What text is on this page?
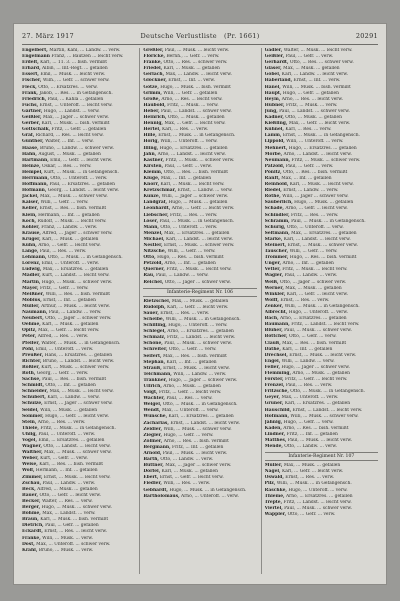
27. März 1917	Deutsche Verlustliste (Pr. 1661)	20291
Engelbert, Martin, Kahl, ... Landw. ... verw.
Engelmann Franz, ... Bautzen ... leicht verw.
Erdelt, Karl, ... 11. 3. ... bish. vermißt
Erhard, Albin, ... Inf.-Regt. ... gefallen
Essert, Emil, ... Musk. ... leicht verw.
Fischer, Wilh., ... Gefr. ... schwer verw.
Fleck, Otto, ... Ersatzres. ... verw.
Frank, Jakob, ... Res. ... in Gefangensch.
Friedrich, Paul, ... Kahla ... gefallen
Fuchs, Ernst, ... Unteroff. ... leicht verw.
Gärtner, Hugo, ... Landst. ... verw.
Geißler, Max, ... Jäger ... schwer verw.
Gerber, Karl, ... Musk. ... bish. vermißt
Gottschalk, Fritz, ... Gefr. ... gefallen
Gräf, Richard, ... Res. ... leicht verw.
Günther, Walter, ... Inf. ... verw.
Haase, Bruno, ... Landw. ... schwer verw.
Hahn, August, ... Musk. ... gefallen
Hartmann, Emil, ... Gefr. ... leicht verw.
Heinze, Oskar, ... Res. ... verw.
Hempel, Kurt, ... Musk. ... in Gefangensch.
Herrmann, Otto, ... Unteroff. ... verw.
Hoffmann, Paul, ... Ersatzres. ... gefallen
Hofmann, Georg, ... Landst. ... leicht verw.
Jäckel, Max, ... Musk. ... schwer verw.
Kaiser, Willi, ... Gefr. ... verw.
Keller, Ernst, ... Res. ... bish. vermißt
Klein, Hermann, ... Inf. ... gefallen
Koch, Rudolf, ... Musk. ... leicht verw.
Köhler, Franz, ... Landw. ... verw.
Krause, Alfred, ... Jäger ... schwer verw.
Krüger, Karl, ... Musk. ... gefallen
Kühn, Arno, ... Gefr. ... leicht verw.
Lange, Paul, ... Res. ... verw.
Lehmann, Otto, ... Musk. ... in Gefangensch.
Lorenz, Emil, ... Unteroff. ... verw.
Ludwig, Max, ... Ersatzres. ... gefallen
Mädler, Kurt, ... Landst. ... leicht verw.
Martin, Hugo, ... Musk. ... schwer verw.
Mayer, Fritz, ... Gefr. ... verw.
Meißner, Willi, ... Res. ... bish. vermißt
Möbius, Ernst, ... Inf. ... gefallen
Müller, Arthur, ... Musk. ... leicht verw.
Naumann, Paul, ... Landw. ... verw.
Neubert, Otto, ... Jäger ... schwer verw.
Oehme, Karl, ... Musk. ... gefallen
Opitz, Max, ... Gefr. ... leicht verw.
Peter, Alfred, ... Res. ... verw.
Pfeifer, Walter, ... Musk. ... in Gefangensch.
Pohl, Emil, ... Unteroff. ... verw.
Preußer, Hans, ... Ersatzres. ... gefallen
Richter, Bruno, ... Landst. ... leicht verw.
Rößler, Kurt, ... Musk. ... schwer verw.
Roth, Georg, ... Gefr. ... verw.
Sachse, Paul, ... Res. ... bish. vermißt
Schmidt, Otto, ... Inf. ... gefallen
Schneider, Max, ... Musk. ... leicht verw.
Schubert, Karl, ... Landw. ... verw.
Schulze, Ernst, ... Jäger ... schwer verw.
Seidel, Willi, ... Musk. ... gefallen
Sommer, Hugo, ... Gefr. ... leicht verw.
Stein, Arno, ... Res. ... verw.
Thiele, Fritz, ... Musk. ... in Gefangensch.
Uhlig, Paul, ... Unteroff. ... verw.
Vogel, Emil, ... Ersatzres. ... gefallen
Wagner, Otto, ... Landst. ... leicht verw.
Walther, Max, ... Musk. ... schwer verw.
Weber, Kurt, ... Gefr. ... verw.
Weise, Karl, ... Res. ... bish. vermißt
Wolf, Hermann, ... Inf. ... gefallen
Zimmer, Ernst, ... Musk. ... leicht verw.
Zschau, Paul, ... Landw. ... verw.
Beck, Alfred, ... Musk. ... gefallen
Bauer, Otto, ... Gefr. ... leicht verw.
Becker, Walter, ... Res. ... verw.
Berger, Hugo, ... Musk. ... schwer verw.
Böhme, Max, ... Landst. ... verw.
Braun, Karl, ... Musk. ... bish. vermißt
Dietrich, Paul, ... Gefr. ... gefallen
Eckardt, Ernst, ... Res. ... leicht verw.
Franke, Willi, ... Musk. ... verw.
Dost, Max, ... Unteroff. ... schwer verw.
Krahl, Bruno, ... Musk. ... verw.
Greßler, Paul, ... Musk. ... leicht verw.
Flöricke, Bernh., ... Gefr. ... verw.
Franke, Otto, ... Res. ... schwer verw.
Friedel, Karl, ... Musk. ... gefallen
Gerlach, Max, ... Landw. ... leicht verw.
Glöckner, Ernst, ... Inf. ... verw.
Götze, Hugo, ... Musk. ... bish. vermißt
Grimm, Willi, ... Gefr. ... gefallen
Große, Arno, ... Res. ... leicht verw.
Haubold, Fritz, ... Musk. ... verw.
Heber, Paul, ... Landst. ... schwer verw.
Heinrich, Otto, ... Musk. ... gefallen
Hennig, Max, ... Gefr. ... leicht verw.
Hertel, Karl, ... Res. ... verw.
Hille, Ernst, ... Musk. ... in Gefangensch.
Hörig, Willi, ... Unteroff. ... verw.
Illing, Hugo, ... Ersatzres. ... gefallen
Jahn, Arno, ... Landst. ... leicht verw.
Kästner, Fritz, ... Musk. ... schwer verw.
Kirsten, Paul, ... Gefr. ... verw.
Klemm, Otto, ... Res. ... bish. vermißt
Kluge, Max, ... Inf. ... gefallen
Knorr, Karl, ... Musk. ... leicht verw.
Kretzschmar, Ernst, ... Landw. ... verw.
Kunze, Willi, ... Jäger ... schwer verw.
Landgraf, Hugo, ... Musk. ... gefallen
Leonhardt, Arno, ... Gefr. ... leicht verw.
Liebscher, Fritz, ... Res. ... verw.
Löser, Paul, ... Musk. ... in Gefangensch.
Mann, Otto, ... Unteroff. ... verw.
Menzel, Max, ... Ersatzres. ... gefallen
Michael, Karl, ... Landst. ... leicht verw.
Nestler, Ernst, ... Musk. ... schwer verw.
Nitzsche, Willi, ... Gefr. ... verw.
Otto, Hugo, ... Res. ... bish. vermißt
Petzold, Arno, ... Inf. ... gefallen
Querner, Fritz, ... Musk. ... leicht verw.
Rau, Paul, ... Landw. ... verw.
Reichel, Otto, ... Jäger ... schwer verw.
Infanterie-Regiment Nr. 106
Rietzschel, Max, ... Musk. ... gefallen
Rudolph, Karl, ... Gefr. ... leicht verw.
Sauer, Ernst, ... Res. ... verw.
Scheibe, Willi, ... Musk. ... in Gefangensch.
Schilling, Hugo, ... Unteroff. ... verw.
Schlegel, Arno, ... Ersatzres. ... gefallen
Schmalz, Fritz, ... Landst. ... leicht verw.
Schöne, Paul, ... Musk. ... schwer verw.
Schreiter, Otto, ... Gefr. ... verw.
Seifert, Max, ... Res. ... bish. vermißt
Stephan, Karl, ... Inf. ... gefallen
Strauß, Ernst, ... Musk. ... leicht verw.
Teichmann, Willi, ... Landw. ... verw.
Tränkner, Hugo, ... Jäger ... schwer verw.
Ullrich, Arno, ... Musk. ... gefallen
Voigt, Fritz, ... Gefr. ... leicht verw.
Wächter, Paul, ... Res. ... verw.
Weigel, Otto, ... Musk. ... in Gefangensch.
Wendt, Max, ... Unteroff. ... verw.
Wünsche, Karl, ... Ersatzres. ... gefallen
Zacharias, Ernst, ... Landst. ... leicht verw.
Zeidler, Willi, ... Musk. ... schwer verw.
Ziegler, Hugo, ... Gefr. ... verw.
Zöllner, Arno, ... Res. ... bish. vermißt
Bergmann, Fritz, ... Inf. ... gefallen
Arnold, Paul, ... Musk. ... leicht verw.
Barth, Otto, ... Landw. ... verw.
Büttner, Max, ... Jäger ... schwer verw.
Dörfel, Karl, ... Musk. ... gefallen
Ebert, Ernst, ... Gefr. ... leicht verw.
Fiedler, Willi, ... Res. ... verw.
Gebhardt, Hugo, ... Musk. ... in Gefangensch.
Bartholomäus, Arno, ... Unteroff. ... verw.
Gädler, Walter, ... Musk. ... leicht verw.
Geißler, Paul, ... Gefr. ... verw.
Gerhardt, Otto, ... Res. ... schwer verw.
Gläser, Max, ... Musk. ... gefallen
Göbel, Karl, ... Landw. ... leicht verw.
Haberland, Ernst, ... Inf. ... verw.
Hänel, Willi, ... Musk. ... bish. vermißt
Haupt, Hugo, ... Gefr. ... gefallen
Heym, Arno, ... Res. ... leicht verw.
Hübner, Fritz, ... Musk. ... verw.
Jung, Paul, ... Landst. ... schwer verw.
Kadner, Otto, ... Musk. ... gefallen
Kießling, Max, ... Gefr. ... leicht verw.
Kühnel, Karl, ... Res. ... verw.
Lamm, Ernst, ... Musk. ... in Gefangensch.
Lippold, Willi, ... Unteroff. ... verw.
Mehnert, Hugo, ... Ersatzres. ... gefallen
Mörbe, Arno, ... Landst. ... leicht verw.
Neumann, Fritz, ... Musk. ... schwer verw.
Pätzold, Paul, ... Gefr. ... verw.
Pönitz, Otto, ... Res. ... bish. vermißt
Ranft, Max, ... Inf. ... gefallen
Reinhold, Karl, ... Musk. ... leicht verw.
Riedel, Ernst, ... Landw. ... verw.
Rothe, Willi, ... Jäger ... schwer verw.
Säuberlich, Hugo, ... Musk. ... gefallen
Schade, Arno, ... Gefr. ... leicht verw.
Schindler, Fritz, ... Res. ... verw.
Schramm, Paul, ... Musk. ... in Gefangensch.
Schurig, Otto, ... Unteroff. ... verw.
Seltmann, Max, ... Ersatzres. ... gefallen
Starke, Karl, ... Landst. ... leicht verw.
Steinert, Ernst, ... Musk. ... schwer verw.
Tauscher, Willi, ... Gefr. ... verw.
Trommer, Hugo, ... Res. ... bish. vermißt
Unger, Arno, ... Inf. ... gefallen
Vetter, Fritz, ... Musk. ... leicht verw.
Wagler, Paul, ... Landw. ... verw.
Weiß, Otto, ... Jäger ... schwer verw.
Werner, Max, ... Musk. ... gefallen
Winkler, Karl, ... Gefr. ... leicht verw.
Wolff, Ernst, ... Res. ... verw.
Zenker, Willi, ... Musk. ... in Gefangensch.
Albrecht, Hugo, ... Unteroff. ... verw.
Bach, Arno, ... Ersatzres. ... gefallen
Baumann, Fritz, ... Landst. ... leicht verw.
Blüher, Paul, ... Musk. ... schwer verw.
Böttcher, Otto, ... Gefr. ... verw.
Clauß, Max, ... Res. ... bish. vermißt
Dathe, Karl, ... Inf. ... gefallen
Drechsel, Ernst, ... Musk. ... leicht verw.
Engel, Willi, ... Landw. ... verw.
Feller, Hugo, ... Jäger ... schwer verw.
Flemming, Arno, ... Musk. ... gefallen
Förster, Fritz, ... Gefr. ... leicht verw.
Frenzel, Paul, ... Res. ... verw.
Fritzsche, Otto, ... Musk. ... in Gefangensch.
Geyer, Max, ... Unteroff. ... verw.
Gruner, Karl, ... Ersatzres. ... gefallen
Hauschild, Ernst, ... Landst. ... leicht verw.
Hofmann, Willi, ... Musk. ... schwer verw.
Jähnig, Hugo, ... Gefr. ... verw.
Kaden, Arno, ... Res. ... bish. vermißt
Lindner, Fritz, ... Inf. ... gefallen
Matthes, Paul, ... Musk. ... leicht verw.
Mende, Otto, ... Landw. ... verw.
Infanterie-Regiment Nr. 107
Müller, Max, ... Musk. ... gefallen
Nagel, Karl, ... Gefr. ... leicht verw.
Oswald, Ernst, ... Res. ... verw.
Pilz, Willi, ... Musk. ... in Gefangensch.
Raschke, Hugo, ... Unteroff. ... verw.
Thieme, Arno, ... Ersatzres. ... gefallen
Trepte, Fritz, ... Landst. ... leicht verw.
Viertel, Paul, ... Musk. ... schwer verw.
Wappler, Otto, ... Gefr. ... verw.
